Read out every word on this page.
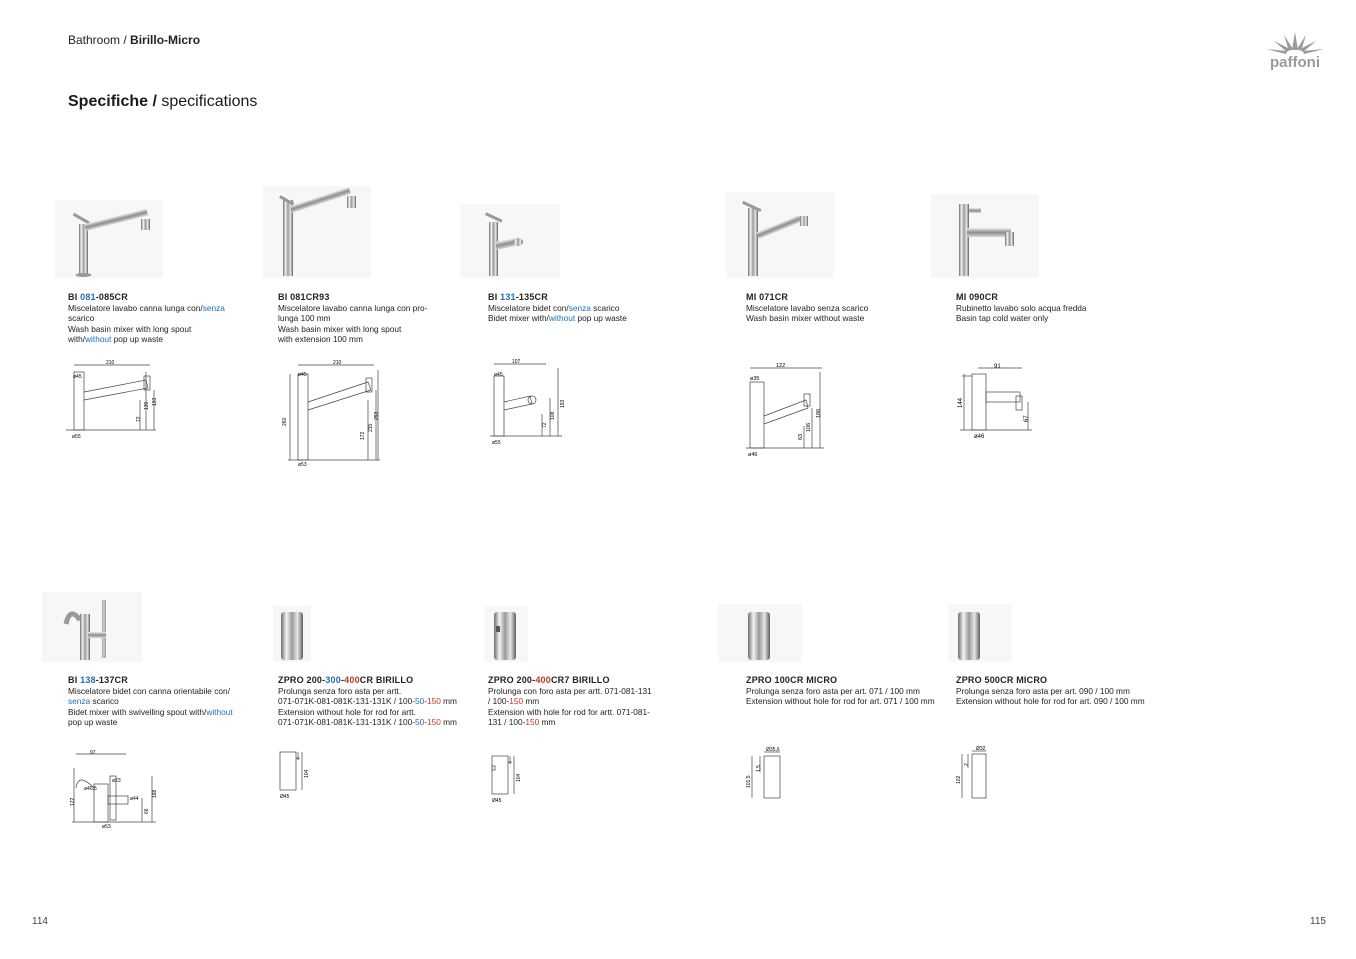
Bathroom / Birillo-Micro
paffoni
Specifiche / specifications
BI 081-085CR
Miscelatore lavabo canna lunga con/senza
scarico
Wash basin mixer with long spout
with/without pop up waste
210
ø45
135 193
72
ø55
BI 081CR93
Miscelatore lavabo canna lunga con pro-
lunga 100 mm
Wash basin mixer with long spout
with extension 100 mm
210
ø45
260
172
235
293
ø53
BI 131-135CR
Miscelatore bidet con/senza scarico
Bidet mixer with/without pop up waste
107
ø45
108
193
72
ø55
MI 071CR
Miscelatore lavabo senza scarico
Wash basin mixer without waste
122
ø35
186
106
63
ø46
MI 090CR
Rubinetto lavabo solo acqua fredda
Basin tap cold water only
91
144
67
ø46
BI 138-137CR
Miscelatore bidet con canna orientabile con/
senza scarico
Bidet mixer with swivelling spout with/without
pop up waste
97
ø23
ø46,5
ø44
122
188
66
ø53
ZPRO 200-300-400CR BIRILLO
Prolunga senza foro asta per artt.
071-071K-081-081K-131-131K / 100-50-150 mm
Extension without hole for rod for artt.
071-071K-081-081K-131-131K / 100-50-150 mm
4
104
Ø45
ZPRO 200-400CR7 BIRILLO
Prolunga con foro asta per artt. 071-081-131
/ 100-150 mm
Extension with hole for rod for artt. 071-081-
131 / 100-150 mm
4
104
Ø45
ZPRO 100CR MICRO
Prolunga senza foro asta per art. 071 / 100 mm
Extension without hole for rod for art. 071 / 100 mm
Ø35,6
101,5
1,5
ZPRO 500CR MICRO
Prolunga senza foro asta per art. 090 / 100 mm
Extension without hole for rod for art. 090 / 100 mm
Ø32
102
2
114	115
